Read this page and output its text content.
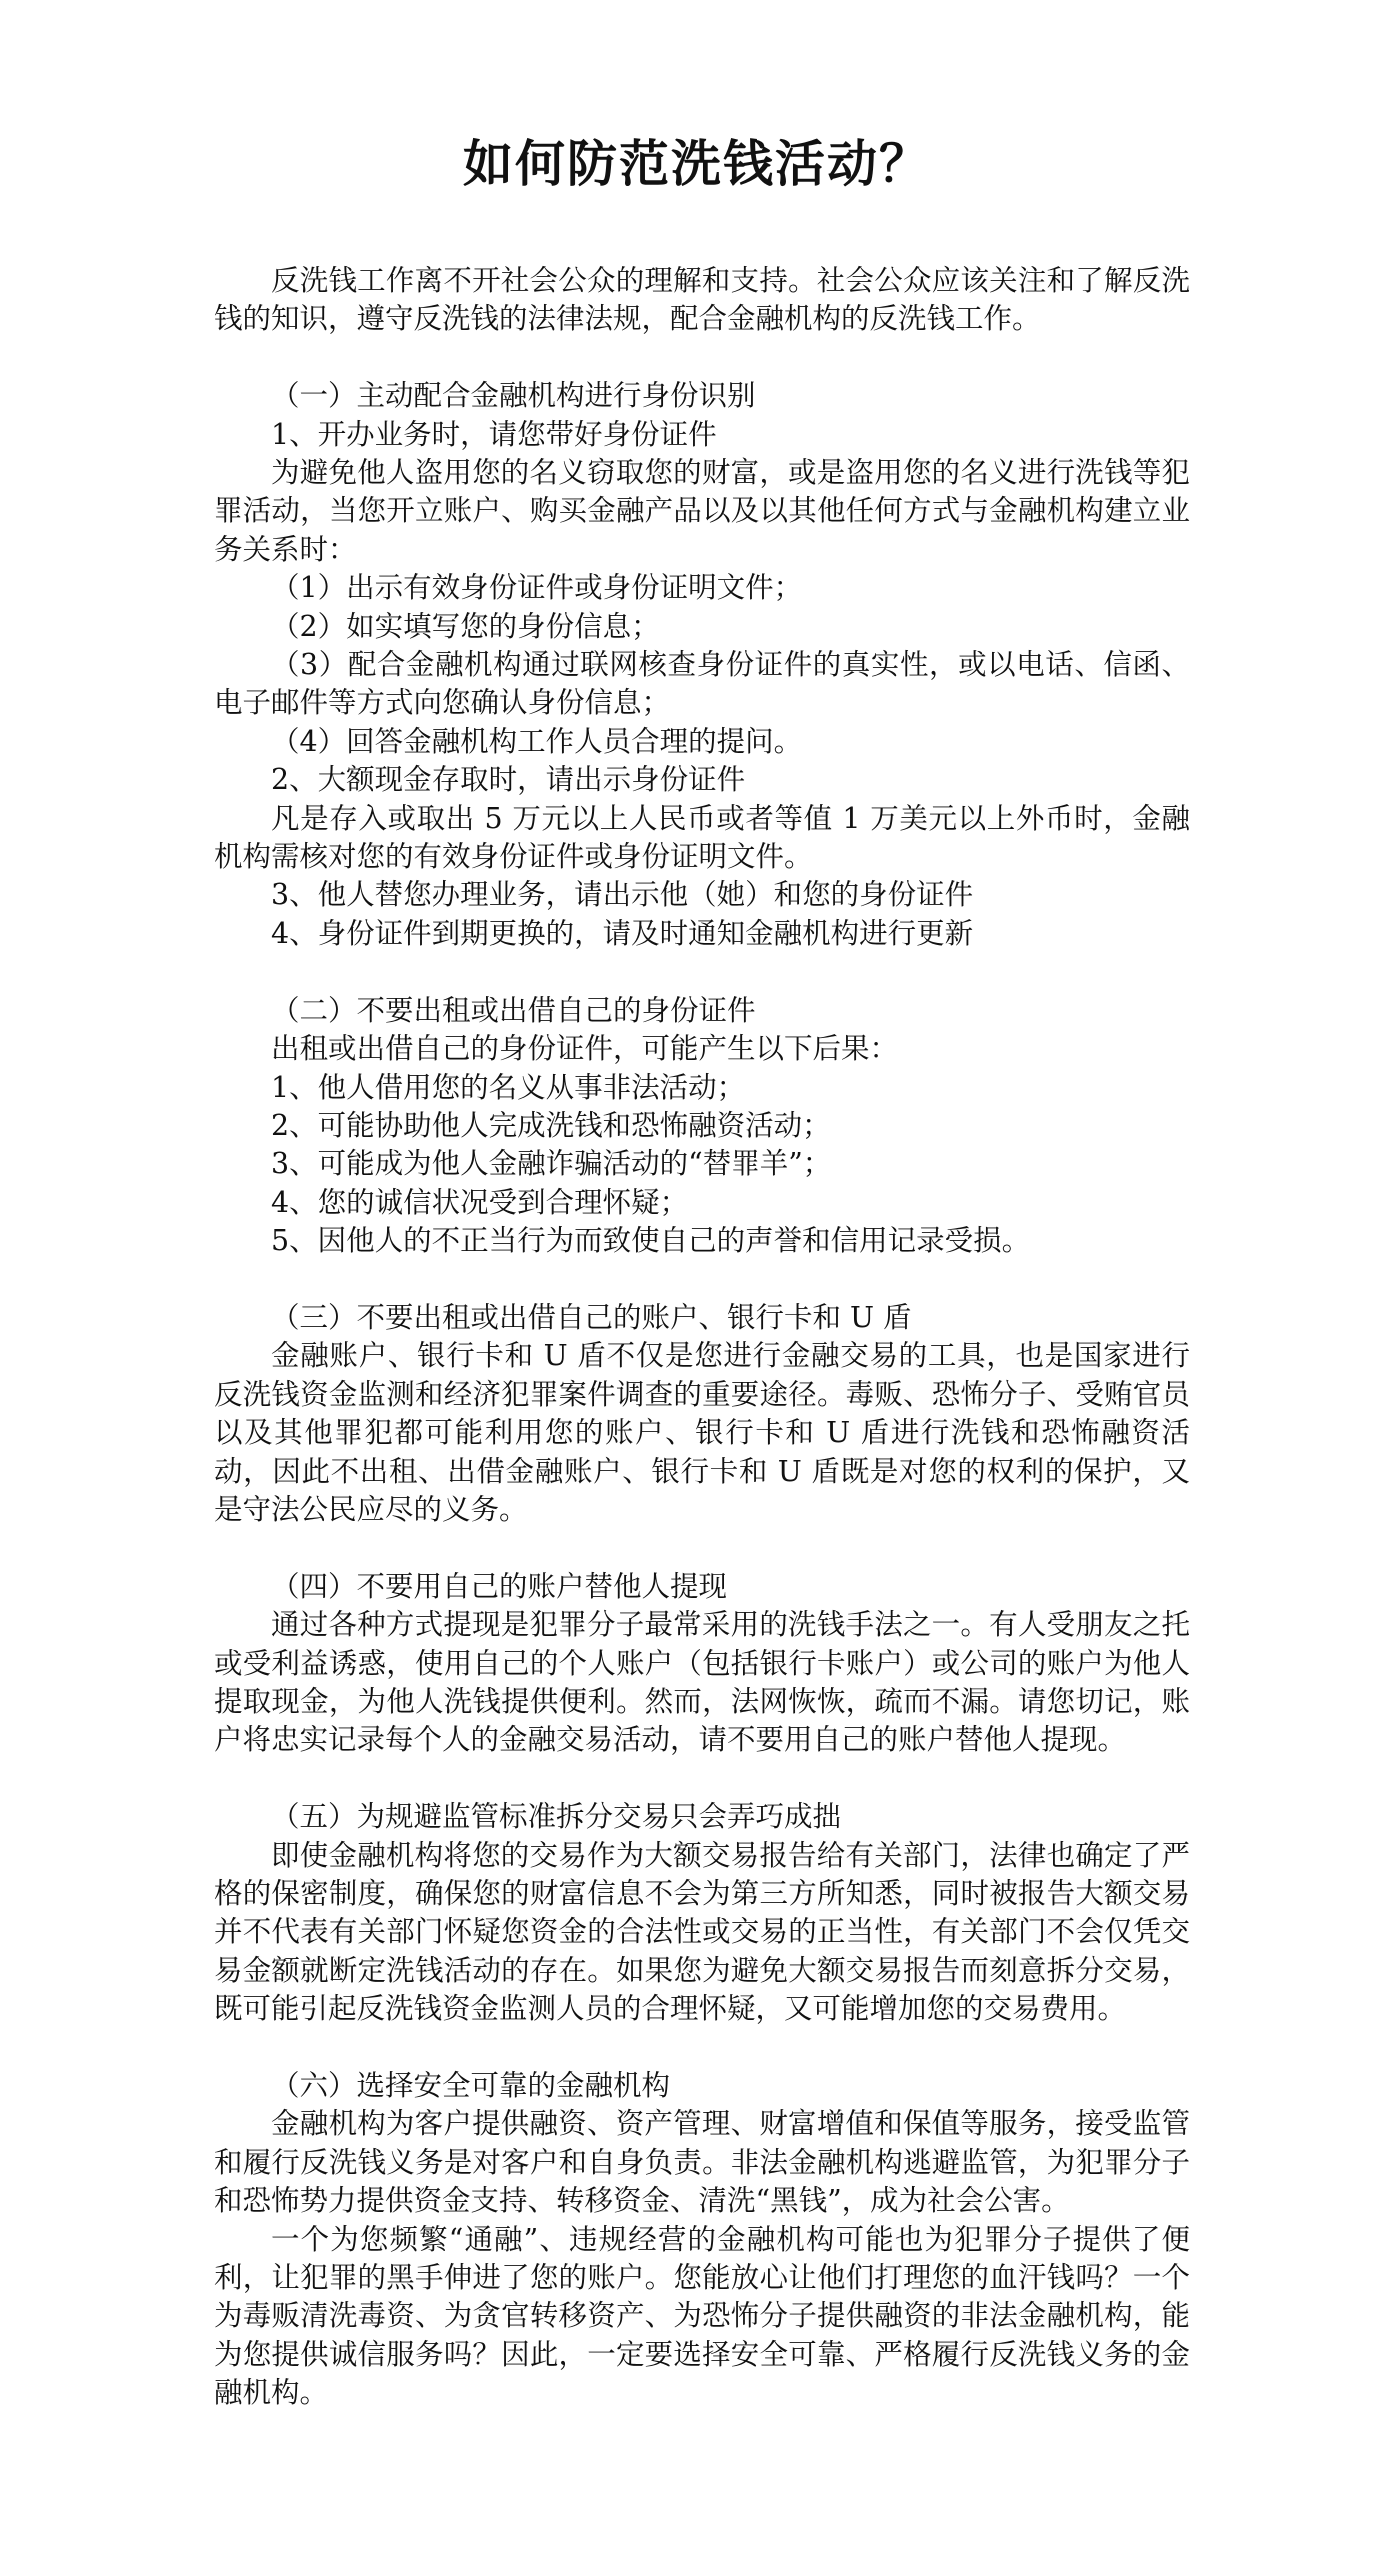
如何防范洗钱活动？

反洗钱工作离不开社会公众的理解和支持。社会公众应该关注和了解反洗钱的知识，遵守反洗钱的法律法规，配合金融机构的反洗钱工作。

（一）主动配合金融机构进行身份识别

1、开办业务时，请您带好身份证件

为避免他人盗用您的名义窃取您的财富，或是盗用您的名义进行洗钱等犯罪活动，当您开立账户、购买金融产品以及以其他任何方式与金融机构建立业务关系时：

（1）出示有效身份证件或身份证明文件；

（2）如实填写您的身份信息；

（3）配合金融机构通过联网核查身份证件的真实性，或以电话、信函、电子邮件等方式向您确认身份信息；

（4）回答金融机构工作人员合理的提问。

2、大额现金存取时，请出示身份证件

凡是存入或取出 5 万元以上人民币或者等值 1 万美元以上外币时，金融机构需核对您的有效身份证件或身份证明文件。

3、他人替您办理业务，请出示他（她）和您的身份证件

4、身份证件到期更换的，请及时通知金融机构进行更新

（二）不要出租或出借自己的身份证件

出租或出借自己的身份证件，可能产生以下后果：

1、他人借用您的名义从事非法活动；

2、可能协助他人完成洗钱和恐怖融资活动；

3、可能成为他人金融诈骗活动的“替罪羊”；

4、您的诚信状况受到合理怀疑；

5、因他人的不正当行为而致使自己的声誉和信用记录受损。

（三）不要出租或出借自己的账户、银行卡和 U 盾

金融账户、银行卡和 U 盾不仅是您进行金融交易的工具，也是国家进行反洗钱资金监测和经济犯罪案件调查的重要途径。毒贩、恐怖分子、受贿官员以及其他罪犯都可能利用您的账户、银行卡和 U 盾进行洗钱和恐怖融资活动，因此不出租、出借金融账户、银行卡和 U 盾既是对您的权利的保护，又是守法公民应尽的义务。

（四）不要用自己的账户替他人提现

通过各种方式提现是犯罪分子最常采用的洗钱手法之一。有人受朋友之托或受利益诱惑，使用自己的个人账户（包括银行卡账户）或公司的账户为他人提取现金，为他人洗钱提供便利。然而，法网恢恢，疏而不漏。请您切记，账户将忠实记录每个人的金融交易活动，请不要用自己的账户替他人提现。

（五）为规避监管标准拆分交易只会弄巧成拙

即使金融机构将您的交易作为大额交易报告给有关部门，法律也确定了严格的保密制度，确保您的财富信息不会为第三方所知悉，同时被报告大额交易并不代表有关部门怀疑您资金的合法性或交易的正当性，有关部门不会仅凭交易金额就断定洗钱活动的存在。如果您为避免大额交易报告而刻意拆分交易，既可能引起反洗钱资金监测人员的合理怀疑，又可能增加您的交易费用。

（六）选择安全可靠的金融机构

金融机构为客户提供融资、资产管理、财富增值和保值等服务，接受监管和履行反洗钱义务是对客户和自身负责。非法金融机构逃避监管，为犯罪分子和恐怖势力提供资金支持、转移资金、清洗“黑钱”，成为社会公害。

一个为您频繁“通融”、违规经营的金融机构可能也为犯罪分子提供了便利，让犯罪的黑手伸进了您的账户。您能放心让他们打理您的血汗钱吗？一个为毒贩清洗毒资、为贪官转移资产、为恐怖分子提供融资的非法金融机构，能为您提供诚信服务吗？因此，一定要选择安全可靠、严格履行反洗钱义务的金融机构。
